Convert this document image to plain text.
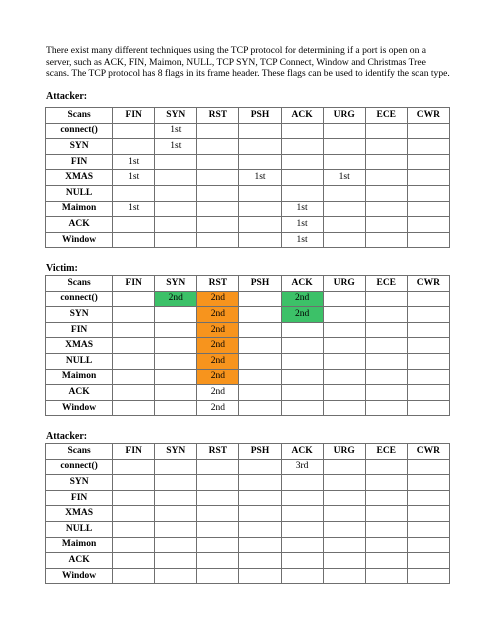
There exist many different techniques using the TCP protocol for determining if a port is open on a server, such as ACK, FIN, Maimon, NULL, TCP SYN, TCP Connect, Window and Christmas Tree scans. The TCP protocol has 8 flags in its frame header. These flags can be used to identify the scan type.

Attacker:
Scans	FIN	SYN	RST	PSH	ACK	URG	ECE	CWR
connect()		1st						
SYN		1st						
FIN	1st							
XMAS	1st			1st		1st		
NULL								
Maimon	1st				1st			
ACK					1st			
Window					1st			
Victim:
Scans	FIN	SYN	RST	PSH	ACK	URG	ECE	CWR
connect()		2nd	2nd		2nd			
SYN			2nd		2nd			
FIN			2nd					
XMAS			2nd					
NULL			2nd					
Maimon			2nd					
ACK			2nd					
Window			2nd					
Attacker:
Scans	FIN	SYN	RST	PSH	ACK	URG	ECE	CWR
connect()					3rd			
SYN								
FIN								
XMAS								
NULL								
Maimon								
ACK								
Window								
